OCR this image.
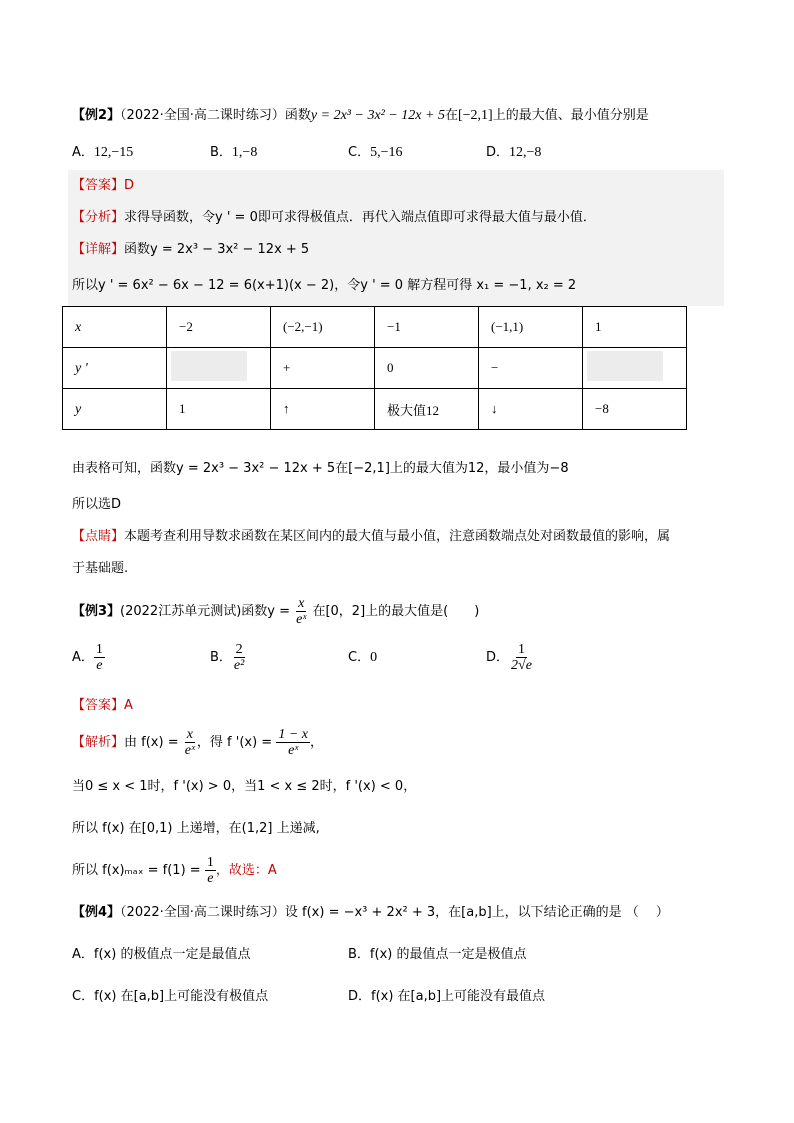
【例2】（2022·全国·高二课时练习）函数y = 2x³ − 3x² − 12x + 5在[−2,1]上的最大值、最小值分别是
A．12,−15	B．1,−8	C．5,−16	D．12,−8
【答案】D
【分析】求得导函数，令y ' = 0即可求得极值点．再代入端点值即可求得最大值与最小值．
【详解】函数y = 2x³ − 3x² − 12x + 5
所以y ' = 6x² − 6x − 12 = 6(x+1)(x − 2)，令y ' = 0 解方程可得 x₁ = −1, x₂ = 2
x	−2	(−2,−1)	−1	(−1,1)	1
y '		+	0	−	
y	1	↑	极大值12	↓	−8
由表格可知，函数y = 2x³ − 3x² − 12x + 5在[−2,1]上的最大值为12，最小值为−8
所以选D
【点睛】本题考查利用导数求函数在某区间内的最大值与最小值，注意函数端点处对函数最值的影响，属
于基础题.
【例3】(2022江苏单元测试)函数$y = \frac{x}{\text{eˣ}}$ 在[0，2]上的最大值是(　　)
A． $\frac{1}{e}$	B． $\frac{2}{\text{e²}}$	C．0	D． $\frac{1}{2√e}$
【答案】A
【解析】由 $f(x) = \frac{x}{\text{eˣ}}$ ，得 f '$(x) = \frac{1 - x}{\text{eˣ}}$ ，
当0 ≤ x < 1时，f '(x) > 0，当1 < x ≤ 2时，f '(x) < 0，
所以 f(x) 在[0,1) 上递增，在(1,2] 上递减,
所以 $f(x)_{max} = f(1) = \frac{1}{e}$ ，故选：A
【例4】（2022·全国·高二课时练习）设 f(x) = −x³ + 2x² + 3，在[a,b]上，以下结论正确的是 （　 ）
A．f(x) 的极值点一定是最值点	B．f(x) 的最值点一定是极值点
C．f(x) 在[a,b]上可能没有极值点	D．f(x) 在[a,b]上可能没有最值点
